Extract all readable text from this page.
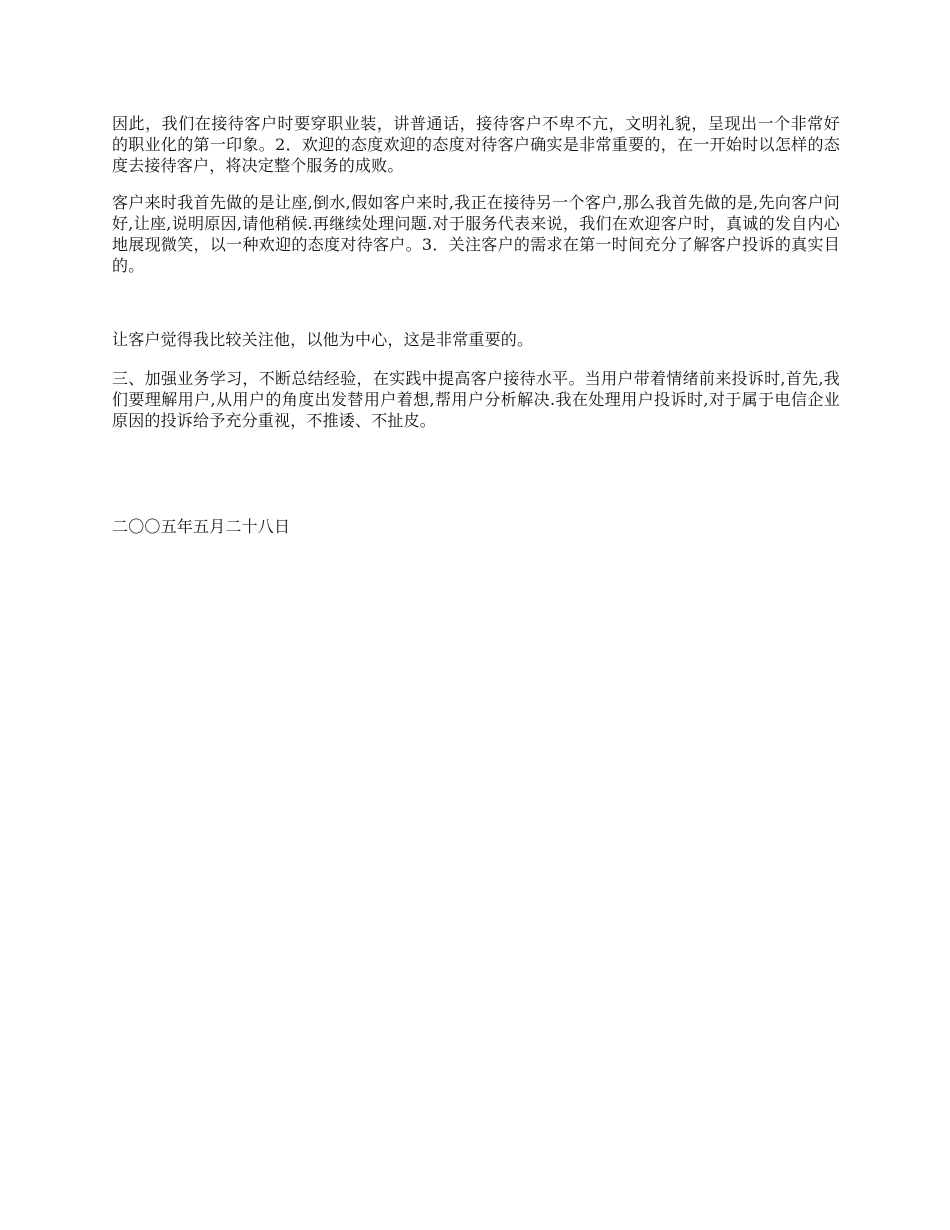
因此，我们在接待客户时要穿职业装，讲普通话，接待客户不卑不亢，文明礼貌，呈现出一个非常好的职业化的第一印象。2．欢迎的态度欢迎的态度对待客户确实是非常重要的，在一开始时以怎样的态度去接待客户，将决定整个服务的成败。

客户来时我首先做的是让座,倒水,假如客户来时,我正在接待另一个客户,那么我首先做的是,先向客户问好,让座,说明原因,请他稍候.再继续处理问题.对于服务代表来说，我们在欢迎客户时，真诚的发自内心地展现微笑，以一种欢迎的态度对待客户。3．关注客户的需求在第一时间充分了解客户投诉的真实目的。

让客户觉得我比较关注他，以他为中心，这是非常重要的。

三、加强业务学习，不断总结经验，在实践中提高客户接待水平。当用户带着情绪前来投诉时,首先,我们要理解用户,从用户的角度出发替用户着想,帮用户分析解决.我在处理用户投诉时,对于属于电信企业原因的投诉给予充分重视，不推诿、不扯皮。

二〇〇五年五月二十八日
